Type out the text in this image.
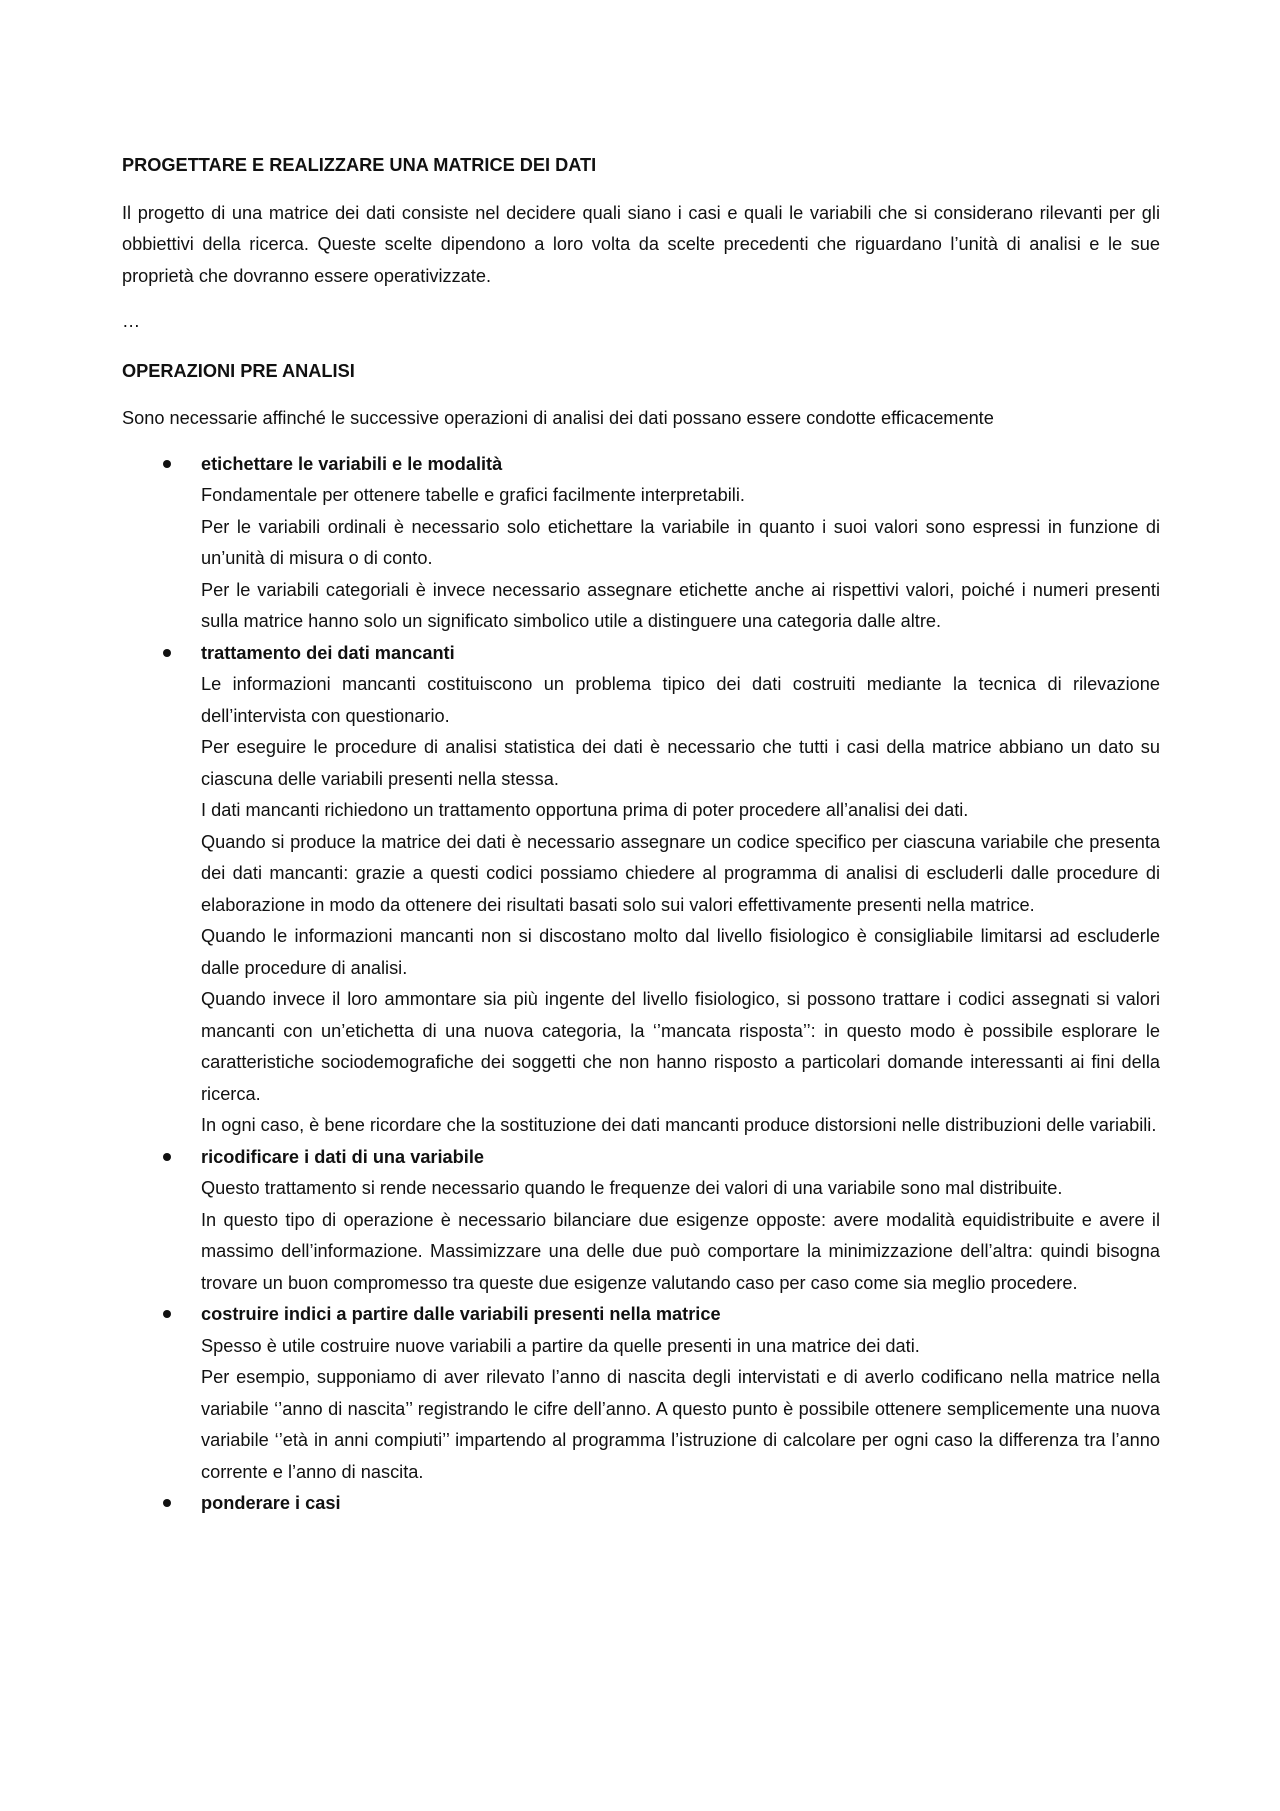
PROGETTARE E REALIZZARE UNA MATRICE DEI DATI

Il progetto di una matrice dei dati consiste nel decidere quali siano i casi e quali le variabili che si considerano rilevanti per gli obbiettivi della ricerca. Queste scelte dipendono a loro volta da scelte precedenti che riguardano l’unità di analisi e le sue proprietà che dovranno essere operativizzate.

…

OPERAZIONI PRE ANALISI

Sono necessarie affinché le successive operazioni di analisi dei dati possano essere condotte efficacemente

etichettare le variabili e le modalità

Fondamentale per ottenere tabelle e grafici facilmente interpretabili.

Per le variabili ordinali è necessario solo etichettare la variabile in quanto i suoi valori sono espressi in funzione di un’unità di misura o di conto.

Per le variabili categoriali è invece necessario assegnare etichette anche ai rispettivi valori, poiché i numeri presenti sulla matrice hanno solo un significato simbolico utile a distinguere una categoria dalle altre.

trattamento dei dati mancanti

Le informazioni mancanti costituiscono un problema tipico dei dati costruiti mediante la tecnica di rilevazione dell’intervista con questionario.

Per eseguire le procedure di analisi statistica dei dati è necessario che tutti i casi della matrice abbiano un dato su ciascuna delle variabili presenti nella stessa.

I dati mancanti richiedono un trattamento opportuna prima di poter procedere all’analisi dei dati.

Quando si produce la matrice dei dati è necessario assegnare un codice specifico per ciascuna variabile che presenta dei dati mancanti: grazie a questi codici possiamo chiedere al programma di analisi di escluderli dalle procedure di elaborazione in modo da ottenere dei risultati basati solo sui valori effettivamente presenti nella matrice.

Quando le informazioni mancanti non si discostano molto dal livello fisiologico è consigliabile limitarsi ad escluderle dalle procedure di analisi.

Quando invece il loro ammontare sia più ingente del livello fisiologico, si possono trattare i codici assegnati si valori mancanti con un’etichetta di una nuova categoria, la ‘’mancata risposta’’: in questo modo è possibile esplorare le caratteristiche sociodemografiche dei soggetti che non hanno risposto a particolari domande interessanti ai fini della ricerca.

In ogni caso, è bene ricordare che la sostituzione dei dati mancanti produce distorsioni nelle distribuzioni delle variabili.

ricodificare i dati di una variabile

Questo trattamento si rende necessario quando le frequenze dei valori di una variabile sono mal distribuite.

In questo tipo di operazione è necessario bilanciare due esigenze opposte: avere modalità equidistribuite e avere il massimo dell’informazione. Massimizzare una delle due può comportare la minimizzazione dell’altra: quindi bisogna trovare un buon compromesso tra queste due esigenze valutando caso per caso come sia meglio procedere.

costruire indici a partire dalle variabili presenti nella matrice

Spesso è utile costruire nuove variabili a partire da quelle presenti in una matrice dei dati.

Per esempio, supponiamo di aver rilevato l’anno di nascita degli intervistati e di averlo codificano nella matrice nella variabile ‘’anno di nascita’’ registrando le cifre dell’anno. A questo punto è possibile ottenere semplicemente una nuova variabile ‘’età in anni compiuti’’ impartendo al programma l’istruzione di calcolare per ogni caso la differenza tra l’anno corrente e l’anno di nascita.

ponderare i casi
